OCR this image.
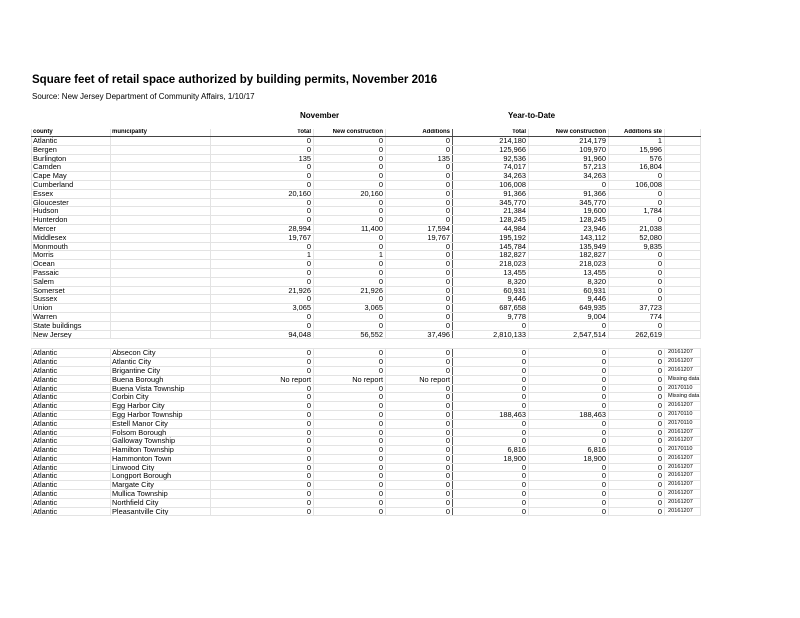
Square feet of retail space authorized by building permits, November 2016
Source: New Jersey Department of Community Affairs, 1/10/17
November	Year-to-Date
county	municipality	Total	New construction	Additions	Total	New construction	Additions ste	
Atlantic		0	0	0	214,180	214,179	1	
Bergen		0	0	0	125,966	109,970	15,996	
Burlington		135	0	135	92,536	91,960	576	
Camden		0	0	0	74,017	57,213	16,804	
Cape May		0	0	0	34,263	34,263	0	
Cumberland		0	0	0	106,008	0	106,008	
Essex		20,160	20,160	0	91,366	91,366	0	
Gloucester		0	0	0	345,770	345,770	0	
Hudson		0	0	0	21,384	19,600	1,784	
Hunterdon		0	0	0	128,245	128,245	0	
Mercer		28,994	11,400	17,594	44,984	23,946	21,038	
Middlesex		19,767	0	19,767	195,192	143,112	52,080	
Monmouth		0	0	0	145,784	135,949	9,835	
Morris		1	1	0	182,827	182,827	0	
Ocean		0	0	0	218,023	218,023	0	
Passaic		0	0	0	13,455	13,455	0	
Salem		0	0	0	8,320	8,320	0	
Somerset		21,926	21,926	0	60,931	60,931	0	
Sussex		0	0	0	9,446	9,446	0	
Union		3,065	3,065	0	687,658	649,935	37,723	
Warren		0	0	0	9,778	9,004	774	
State buildings		0	0	0	0	0	0	
New Jersey		94,048	56,552	37,496	2,810,133	2,547,514	262,619	

Atlantic	Absecon City	0	0	0	0	0	0	20161207
Atlantic	Atlantic City	0	0	0	0	0	0	20161207
Atlantic	Brigantine City	0	0	0	0	0	0	20161207
Atlantic	Buena Borough	No report	No report	No report	0	0	0	Missing data
Atlantic	Buena Vista Township	0	0	0	0	0	0	20170110
Atlantic	Corbin City	0	0	0	0	0	0	Missing data
Atlantic	Egg Harbor City	0	0	0	0	0	0	20161207
Atlantic	Egg Harbor Township	0	0	0	188,463	188,463	0	20170110
Atlantic	Estell Manor City	0	0	0	0	0	0	20170110
Atlantic	Folsom Borough	0	0	0	0	0	0	20161207
Atlantic	Galloway Township	0	0	0	0	0	0	20161207
Atlantic	Hamilton Township	0	0	0	6,816	6,816	0	20170110
Atlantic	Hammonton Town	0	0	0	18,900	18,900	0	20161207
Atlantic	Linwood City	0	0	0	0	0	0	20161207
Atlantic	Longport Borough	0	0	0	0	0	0	20161207
Atlantic	Margate City	0	0	0	0	0	0	20161207
Atlantic	Mullica Township	0	0	0	0	0	0	20161207
Atlantic	Northfield City	0	0	0	0	0	0	20161207
Atlantic	Pleasantville City	0	0	0	0	0	0	20161207
